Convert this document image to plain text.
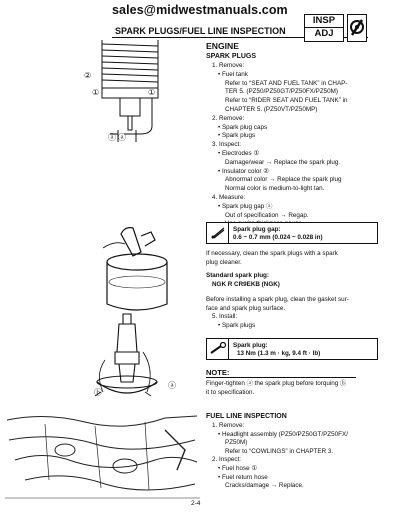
sales@midwestmanuals.com
SPARK PLUGS/FUEL LINE INSPECTION
INSP
ADJ
②
①	①
ⓐ ⓐ
ⓑ
ⓐ
ENGINE
SPARK PLUGS
1. Remove:
• Fuel tank
Refer to “SEAT AND FUEL TANK” in CHAP-
TER 5. (PZ50/PZ50GT/PZ50FX/PZ50M)
Refer to “RIDER SEAT AND FUEL TANK” in
CHAPTER 5. (PZ50VT/PZ50MP)
2. Remove:
• Spark plug caps
• Spark plugs
3. Inspect:
• Electrodes ①
Damage/wear → Replace the spark plug.
• Insulator color ②
Abnormal color → Replace the spark plug
Normal color is medium-to-light tan.
4. Measure:
• Spark plug gap ⓐ
Out of specification → Regap.
Spark plug gap:
0.6 ~ 0.7 mm (0.024 ~ 0.028 in)
If necessary, clean the spark plugs with a spark
plug cleaner.
Standard spark plug:
NGK R CR9EKB (NGK)
Before installing a spark plug, clean the gasket sur-
face and spark plug surface.
5. Install:
• Spark plugs
Spark plug:
13 Nm (1.3 m · kg, 9.4 ft · lb)
NOTE:
Finger-tighten ⓐ the spark plug before torquing ⓑ
it to specification.
FUEL LINE INSPECTION
1. Remove:
• Headlight assembly (PZ50/PZ50GT/PZ50FX/
PZ50M)
Refer to “COWLINGS” in CHAPTER 3.
2. Inspect:
• Fuel hose ①
• Fuel return hose
Cracks/damage → Replace.
2-4
